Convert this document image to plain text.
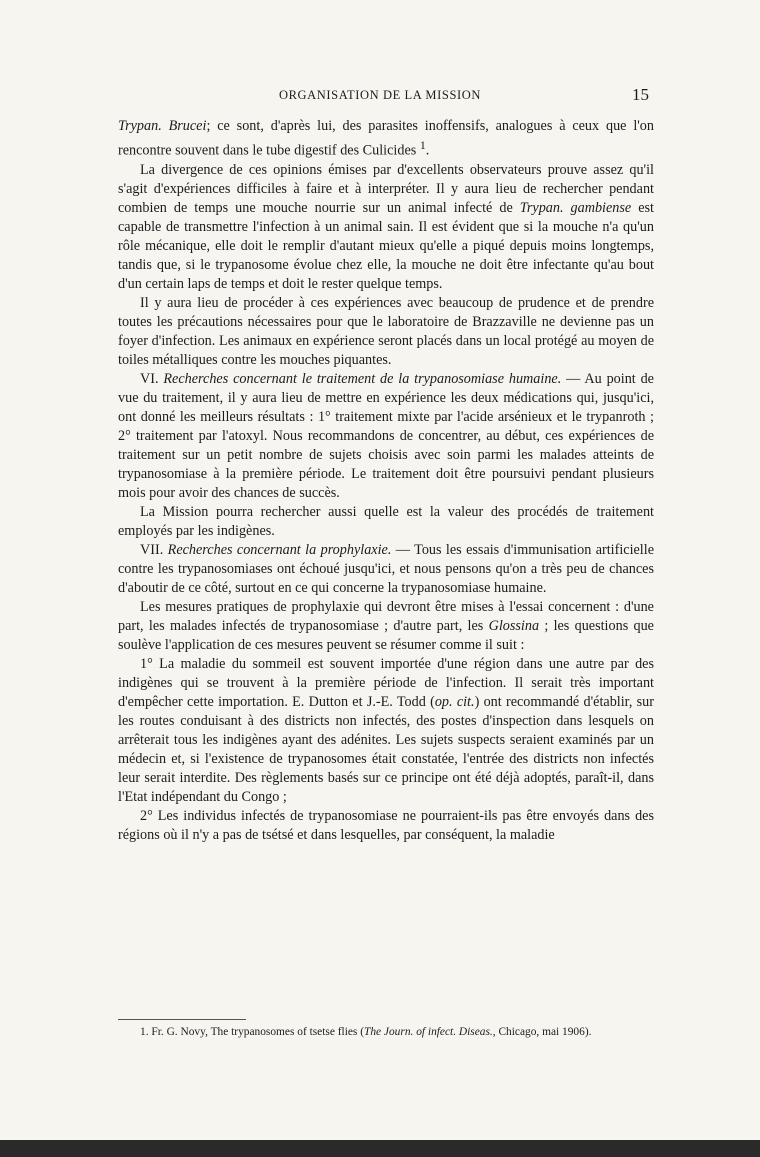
ORGANISATION DE LA MISSION	15

Trypan. Brucei; ce sont, d'après lui, des parasites inoffensifs, analogues à ceux que l'on rencontre souvent dans le tube digestif des Culicides $^1$.

La divergence de ces opinions émises par d'excellents observateurs prouve assez qu'il s'agit d'expériences difficiles à faire et à interpréter. Il y aura lieu de rechercher pendant combien de temps une mouche nourrie sur un animal infecté de Trypan. gambiense est capable de transmettre l'infection à un animal sain. Il est évident que si la mouche n'a qu'un rôle mécanique, elle doit le remplir d'autant mieux qu'elle a piqué depuis moins longtemps, tandis que, si le trypanosome évolue chez elle, la mouche ne doit être infectante qu'au bout d'un certain laps de temps et doit le rester quelque temps.

Il y aura lieu de procéder à ces expériences avec beaucoup de prudence et de prendre toutes les précautions nécessaires pour que le laboratoire de Brazzaville ne devienne pas un foyer d'infection. Les animaux en expérience seront placés dans un local protégé au moyen de toiles métalliques contre les mouches piquantes.

VI. Recherches concernant le traitement de la trypanosomiase humaine. — Au point de vue du traitement, il y aura lieu de mettre en expérience les deux médications qui, jusqu'ici, ont donné les meilleurs résultats : 1° traitement mixte par l'acide arsénieux et le trypanroth ; 2° traitement par l'atoxyl. Nous recommandons de concentrer, au début, ces expériences de traitement sur un petit nombre de sujets choisis avec soin parmi les malades atteints de trypanosomiase à la première période. Le traitement doit être poursuivi pendant plusieurs mois pour avoir des chances de succès.

La Mission pourra rechercher aussi quelle est la valeur des procédés de traitement employés par les indigènes.

VII. Recherches concernant la prophylaxie. — Tous les essais d'immunisation artificielle contre les trypanosomiases ont échoué jusqu'ici, et nous pensons qu'on a très peu de chances d'aboutir de ce côté, surtout en ce qui concerne la trypanosomiase humaine.

Les mesures pratiques de prophylaxie qui devront être mises à l'essai concernent : d'une part, les malades infectés de trypanosomiase ; d'autre part, les Glossina ; les questions que soulève l'application de ces mesures peuvent se résumer comme il suit :

1° La maladie du sommeil est souvent importée d'une région dans une autre par des indigènes qui se trouvent à la première période de l'infection. Il serait très important d'empêcher cette importation. E. Dutton et J.-E. Todd (op. cit.) ont recommandé d'établir, sur les routes conduisant à des districts non infectés, des postes d'inspection dans lesquels on arrêterait tous les indigènes ayant des adénites. Les sujets suspects seraient examinés par un médecin et, si l'existence de trypanosomes était constatée, l'entrée des districts non infectés leur serait interdite. Des règlements basés sur ce principe ont été déjà adoptés, paraît-il, dans l'Etat indépendant du Congo ;

2° Les individus infectés de trypanosomiase ne pourraient-ils pas être envoyés dans des régions où il n'y a pas de tsétsé et dans lesquelles, par conséquent, la maladie

1. Fr. G. Novy, The trypanosomes of tsetse flies (The Journ. of infect. Diseas., Chicago, mai 1906).
